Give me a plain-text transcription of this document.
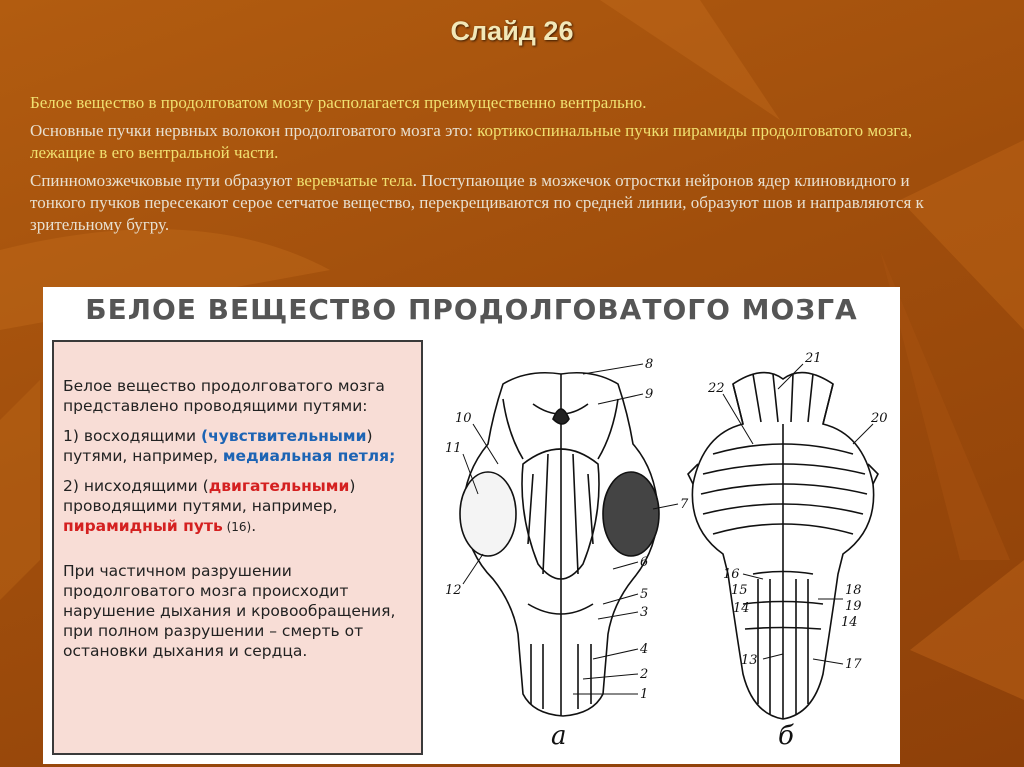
Слайд 26

Белое вещество в продолговатом мозгу располагается преимущественно вентрально.

Основные пучки нервных волокон продолговатого мозга это: кортикоспинальные пучки пирамиды продолговатого мозга, лежащие в его вентральной части.

Спинномозжечковые пути образуют веревчатые тела. Поступающие в мозжечок отростки нейронов ядер клиновидного и тонкого пучков пересекают серое сетчатое вещество, перекрещиваются по средней линии, образуют шов и направляются к зрительному бугру.

БЕЛОЕ ВЕЩЕСТВО ПРОДОЛГОВАТОГО МОЗГА

Белое вещество продолговатого мозга представлено проводящими путями:

1) восходящими (чувствительными) путями, например, медиальная петля;

2) нисходящими (двигательными) проводящими путями, например, пирамидный путь (16).

При частичном разрушении продолговатого мозга происходит нарушение дыхания и кровообращения, при полном разрушении – смерть от остановки дыхания и сердца.

8
9
10
11
7
6
12	5
3
4
2
1
21
22
20
16
15	18
19
14
14
13	17
а	б
